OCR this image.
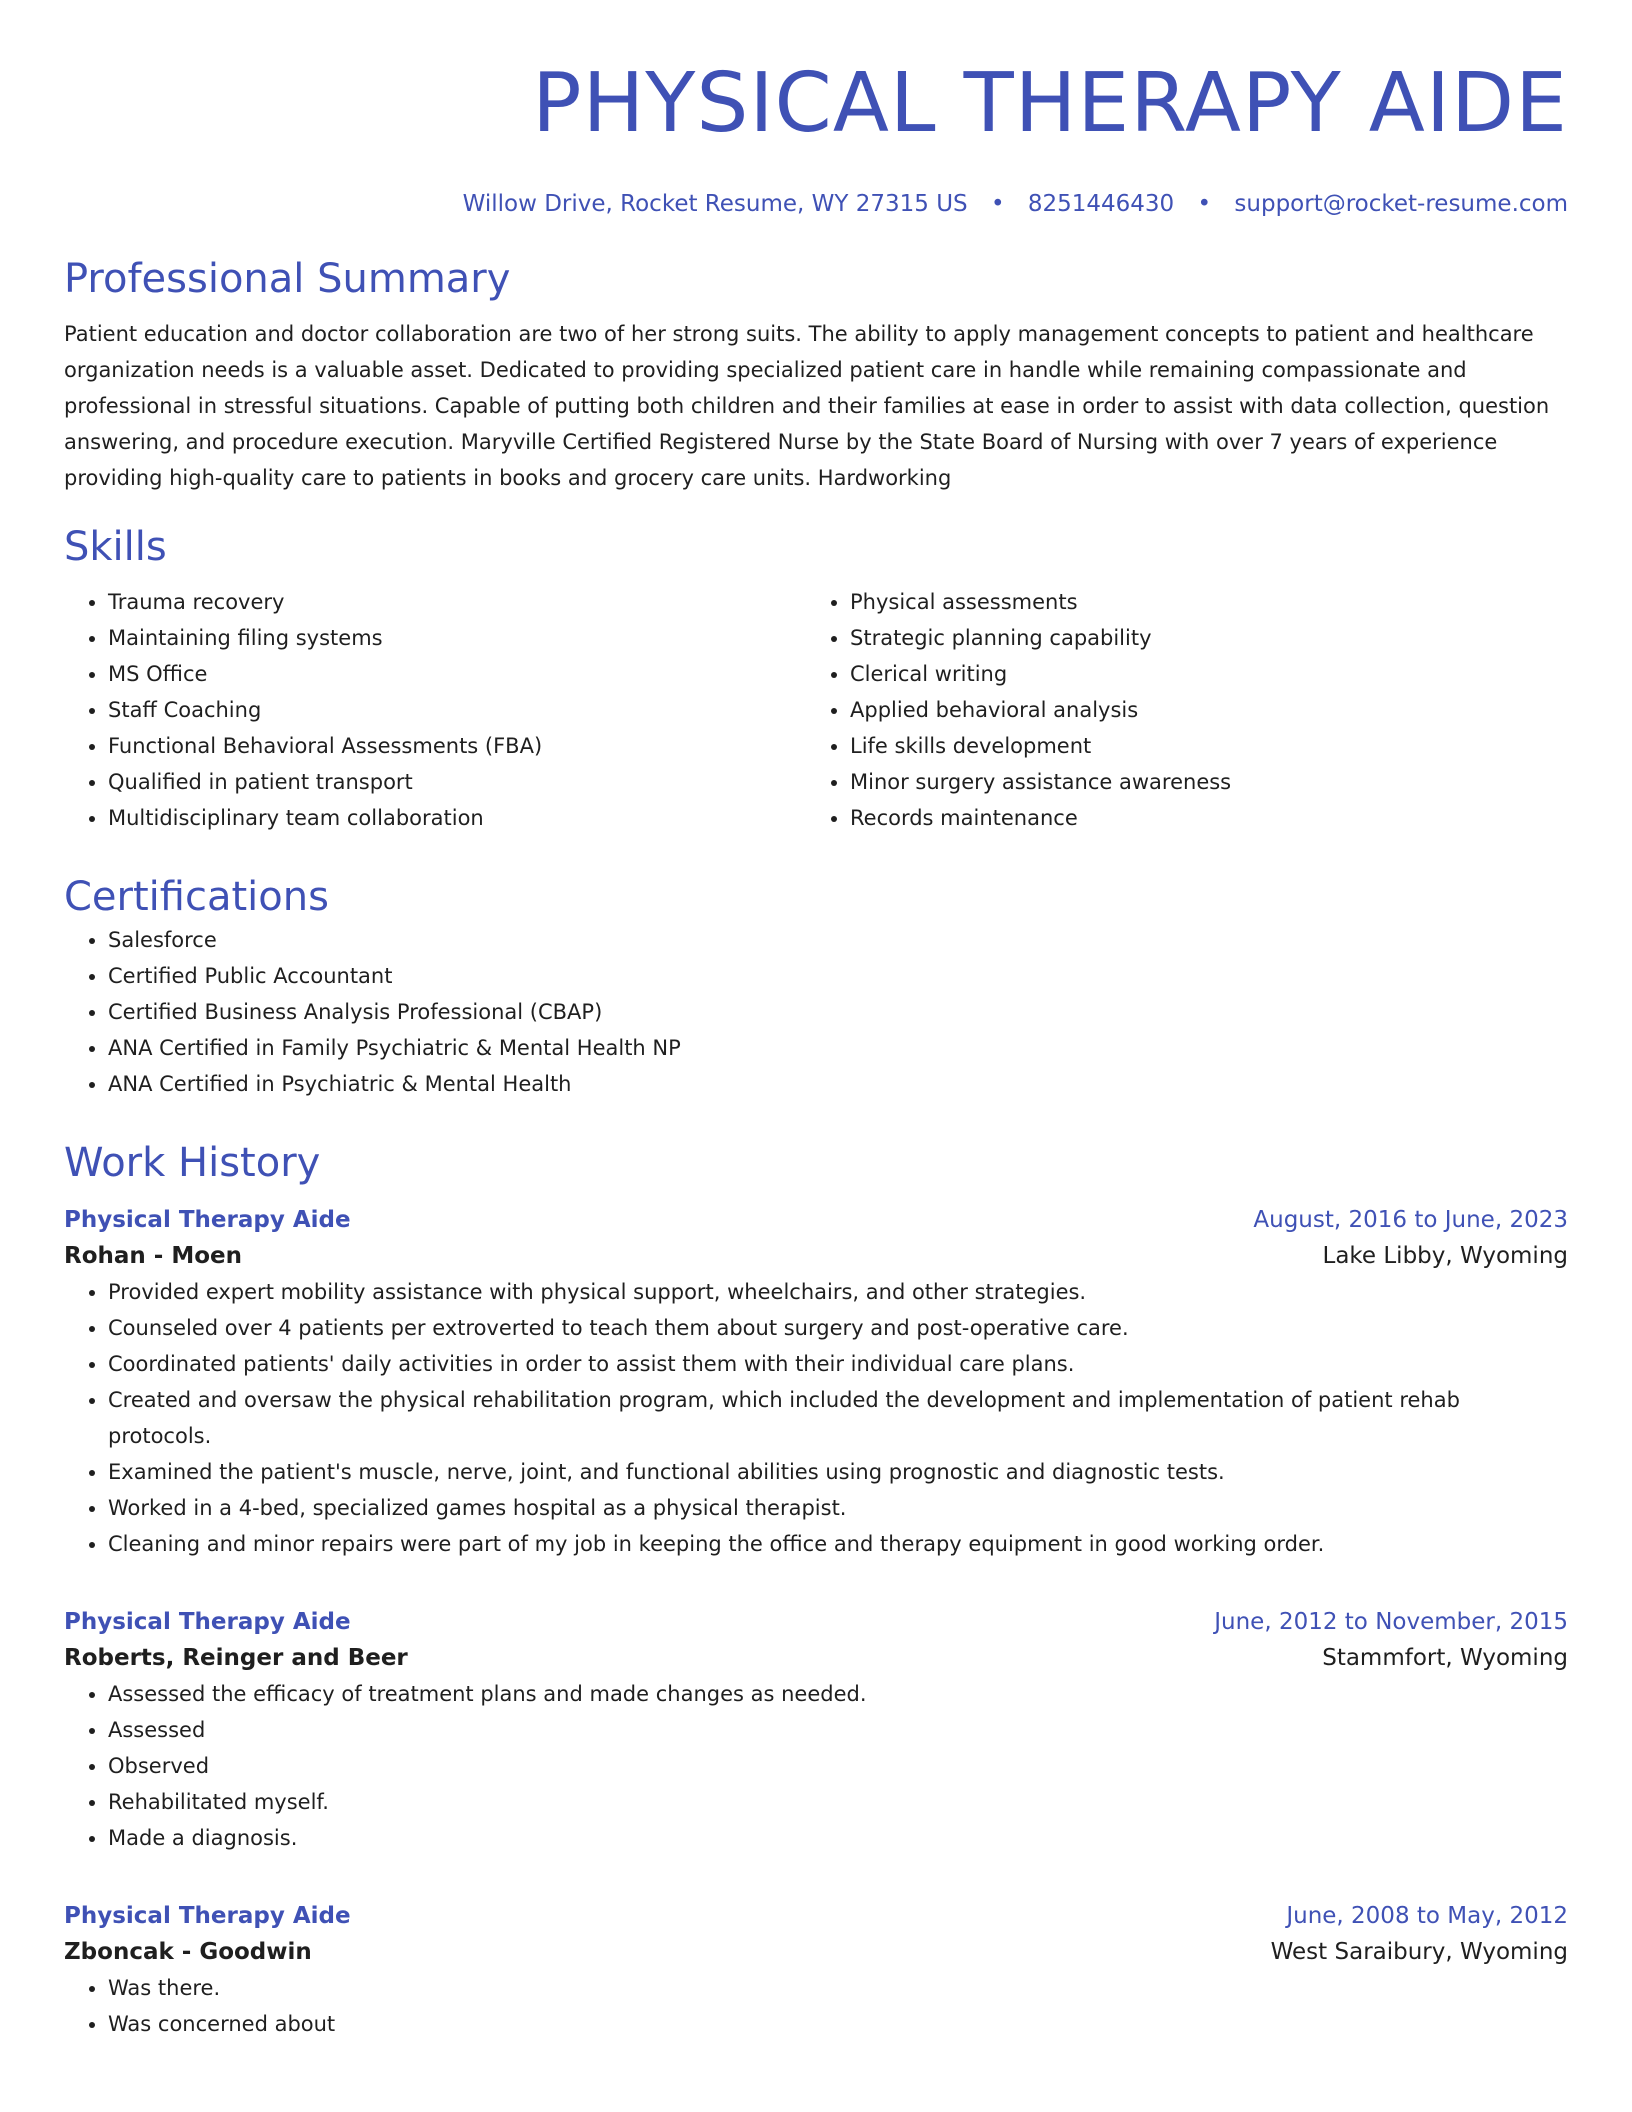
PHYSICAL THERAPY AIDE
Willow Drive, Rocket Resume, WY 27315 US • 8251446430 • support@rocket-resume.com
Professional Summary

Patient education and doctor collaboration are two of her strong suits. The ability to apply management concepts to patient and healthcare organization needs is a valuable asset. Dedicated to providing specialized patient care in handle while remaining compassionate and professional in stressful situations. Capable of putting both children and their families at ease in order to assist with data collection, question answering, and procedure execution. Maryville Certified Registered Nurse by the State Board of Nursing with over 7 years of experience providing high-quality care to patients in books and grocery care units. Hardworking

Skills
• Trauma recovery
• Maintaining filing systems
• MS Office
• Staff Coaching
• Functional Behavioral Assessments (FBA)
• Qualified in patient transport
• Multidisciplinary team collaboration
• Physical assessments
• Strategic planning capability
• Clerical writing
• Applied behavioral analysis
• Life skills development
• Minor surgery assistance awareness
• Records maintenance
Certifications
• Salesforce
• Certified Public Accountant
• Certified Business Analysis Professional (CBAP)
• ANA Certified in Family Psychiatric & Mental Health NP
• ANA Certified in Psychiatric & Mental Health
Work History
Physical Therapy Aide	August, 2016 to June, 2023
Rohan - Moen	Lake Libby, Wyoming
• Provided expert mobility assistance with physical support, wheelchairs, and other strategies.
• Counseled over 4 patients per extroverted to teach them about surgery and post-operative care.
• Coordinated patients' daily activities in order to assist them with their individual care plans.
• Created and oversaw the physical rehabilitation program, which included the development and implementation of patient rehab protocols.
• Examined the patient's muscle, nerve, joint, and functional abilities using prognostic and diagnostic tests.
• Worked in a 4-bed, specialized games hospital as a physical therapist.
• Cleaning and minor repairs were part of my job in keeping the office and therapy equipment in good working order.
Physical Therapy Aide	June, 2012 to November, 2015
Roberts, Reinger and Beer	Stammfort, Wyoming
• Assessed the efficacy of treatment plans and made changes as needed.
• Assessed
• Observed
• Rehabilitated myself.
• Made a diagnosis.
Physical Therapy Aide	June, 2008 to May, 2012
Zboncak - Goodwin	West Saraibury, Wyoming
• Was there.
• Was concerned about
